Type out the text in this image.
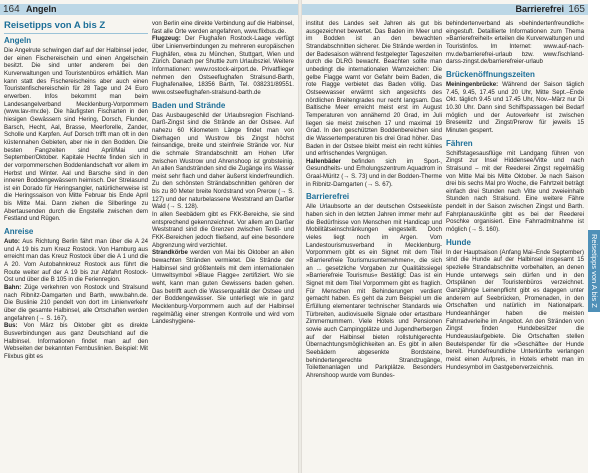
164 Angeln
Reisetipps von A bis Z
Angeln

Die Angelrute schwingen darf auf der Halbinsel jeder, der einen Fischereischein und einen Angelschein besitzt. Die sind unter anderem bei den Kurverwaltungen und Touristenbüros erhältlich. Man kann statt des Fischereischeins aber auch einen Touristenfischereischein für 28 Tage und 24 Euro erwerben. Infos bekommt man beim Landesangelverband Mecklenburg-Vorpommern (www.lav-mv.de). Die häufigsten Fischarten in den hiesigen Gewässern sind Hering, Dorsch, Flunder, Barsch, Hecht, Aal, Brasse, Meerforelle, Zander, Scholle und Karpfen. Auf Dorsch trifft man oft in den küstennahen Gebieten, aber nie in den Bodden. Die besten Fangzeiten sind April/Mai und September/Oktober. Kapitale Hechte finden sich in der vorpommerschen Boddenlandschaft vor allem im Herbst und Winter. Aal und Barsche sind in den inneren Boddengewässern heimisch. Der Strelasund ist ein Dorado für Heringsangler, natürlicherweise ist die Heringssaison von Mitte Februar bis Ende April bis Mitte Mai. Dann ziehen die Silberlinge zu Abertausenden durch die Engstelle zwischen dem Festland und Rügen.

Anreise

Auto: Aus Richtung Berlin fährt man über die A 24 und A 19 bis zum Kreuz Rostock. Von Hamburg aus erreicht man das Kreuz Rostock über die A 1 und die A 20. Vom Autobahnkreuz Rostock aus führt die Route weiter auf der A 19 bis zur Abfahrt Rostock-Ost und über die B 105 in die Ferienregion.

Bahn: Züge verkehren von Rostock und Stralsund nach Ribnitz-Damgarten und Barth, www.bahn.de. Die Buslinie 210 pendelt von dort im Linienverkehr über die gesamte Halbinsel, alle Ortschaften werden angefahren (→ S. 167).

Bus: Von März bis Oktober gibt es direkte Busverbindungen aus ganz Deutschland auf die Halbinsel. Informationen findet man auf den Webseiten der bekannten Fernbuslinien. Beispiel: Mit Flixbus gibt es

von Berlin eine direkte Verbindung auf die Halbinsel, fast alle Orte werden angefahren, www.flixbus.de.

Flugzeug: Der Flughafen Rostock-Laage verfügt über Linienverbindungen zu mehreren europäischen Flughäfen, etwa zu München, Stuttgart, Wien und Zürich. Danach per Shuttle zum Urlaubsziel. Weitere Informationen: www.rostock-airport.de. Privatflieger nehmen den Ostseeflughafen Stralsund-Barth, Flughafenallee, 18356 Barth, Tel. 038231/89551. www.ostseeflughafen-stralsund-barth.de

Baden und Strände

Das Ausbaugeschild der Urlaubsregion Fischland-Darß-Zingst sind die Strände an der Ostsee. Auf nahezu 60 Kilometern Länge findet man von Dierhagen und Wustrow bis Zingst höchst feinsandige, breite und steinfreie Strände vor. Nur die schmale Strandabschnitt am Hohen Ufer zwischen Wustrow und Ahrenshoop ist grobsteinig. An allen Sandstränden sind die Zugänge ins Wasser meist sehr flach und daher äußerst kinderfreundlich. Zu den schönsten Strändabschnitten gehören der bis zu 80 Meter breite Nordstrand von Prerow (→ S. 127) und der naturbelassene Weststrand am Darßer Wald (→ S. 128).

In allen Seebädern gibt es FKK-Bereiche, sie sind entsprechend gekennzeichnet. Vor allem am Darßer Weststrand sind die Grenzen zwischen Textil- und FKK-Bereichen jedoch fließend, auf eine besondere Abgrenzung wird verzichtet.

Strandkörbe werden von Mai bis Oktober an allen bewachten Stränden vermietet. Die Strände der Halbinsel sind größtenteils mit dem internationalen Umweltsymbol »Blaue Flagge« zertifiziert. Wo sie weht, kann man guten Gewissens baden gehen. Das betrifft auch die Wasserqualität der Ostsee und der Boddengewässer. Sie unterliegt wie in ganz Mecklenburg-Vorpommern auch auf der Halbinsel regelmäßig einer strengen Kontrolle und wird vom Landeshygiene-

Barrierefrei 165

institut des Landes seit Jahren als gut bis ausgezeichnet bewertet. Das Baden im Meer und im Bodden ist an den bewachten Strandabschnitten sicherer. Die Strände werden in der Badesaison während festgelegter Tageszeiten durch die DLRG bewacht. Beachten sollte man unbedingt die internationalen Warnzeichen: Die gelbe Flagge warnt vor Gefahr beim Baden, die rote Flagge verbietet das Baden völlig. Das Ostseewasser erwärmt sich angesichts des nördlichen Breitengrades nur recht langsam. Das Baltische Meer erreicht meist erst im August Temperaturen von annähernd 20 Grad, im Juli liegen sie meist zwischen 17 und maximal 19 Grad. In den geschützten Boddenbereichen sind die Wassertemperaturen bis drei Grad höher. Das Baden in der Ostsee bleibt meist ein recht kühles und erfrischendes Vergnügen.

Hallenbäder befinden sich im Sport-, Gesundheits- und Erholungszentrum Aquadrom in Graal-Müritz (→ S. 73) und in der Bodden-Therme in Ribnitz-Damgarten (→ S. 67).

Barrierefrei

Alle Urlaubsorte an der deutschen Ostseeküste haben sich in den letzten Jahren immer mehr auf die Bedürfnisse von Menschen mit Handicap und Mobilitätseinschränkungen eingestellt. Doch vieles liegt noch im Argen. Vom Landestourismusverband in Mecklenburg-Vorpommern gibt es ein Signet mit dem Titel »Barrierefreie Tourismusunternehmen«, die sich an ... gesetzliche Vorgaben zur Qualitätssiegel »Barrierefreie Tourismus« Bestätigt: Das ist ein Signet mit dem Titel Vorpommern gibt es fraglich. Für Menschen mit Behinderungen verdient gemacht haben. Es geht da zum Beispiel um die Erfüllung elementarer technischer Standards wie Türbreiten, audiovisuelle Signale oder ertastbare Zimmernummern. Viele Hotels und Pensionen sowie auch Campingplätze und Jugendherbergen auf der Halbinsel bieten rollstuhlgerechte Übernachtungsmöglichkeiten an. Es gibt in allen Seebädern abgesenkte Bordsteine, behindertengerechte Strandzugänge, Toilettenanlagen und Parkplätze. Besonders Ahrenshoop wurde vom Bundes-

behindertenverband als »behindertenfreundlich« eingestuft. Detaillierte Informationen zum Thema »Barrierefreiheit« erteilen die Kurverwaltungen und Touristinfos. Im Internet: www.auf-nach-mv.de/barrierefrei-urlaub bzw. www.fischland-darss-zingst.de/barrierefreier-urlaub

Brückenöffnungszeiten

Meiningenbrücke: Während der Saison täglich 7.45, 9.45, 17.45 und 20 Uhr, Mitte Sept.–Ende Okt. täglich 9.45 und 17.45 Uhr, Nov.–März nur Di 10.30 Uhr. Dann sind Schiffspassagen bei Bedarf möglich und der Autoverkehr ist zwischen Bresewitz und Zingst/Prerow für jeweils 15 Minuten gesperrt.

Fähren

Schiffstagesausflüge mit Landgang führen von Zingst zur Insel Hiddensee/Vitte und nach Stralsund – mit der Reederei Zingst regelmäßig von Mitte Mai bis Mitte Oktober. Je nach Saison drei bis sechs Mal pro Woche, die Fahrtzeit beträgt einfach drei Stunden nach Vitte und zweieinhalb Stunden nach Stralsund. Eine weitere Fähre pendelt in der Saison zwischen Zingst und Barth. Fahrplanauskünfte gibt es bei der Reederei Poschke organisiert. Eine Fahrradmitnahme ist möglich (→ S. 160).

Hunde

In der Hauptsaison (Anfang Mai–Ende September) sind die Hunde auf der Halbinsel insgesamt 15 spezielle Strandabschnitte vorbehalten, an denen Hunde unterwegs sein dürfen und in den Ortsplänen der Touristenbüros verzeichnet. Ganzjährige Leinenpflicht gibt es dagegen unter anderem auf Seebrücken, Promenaden, in den Ortschaften und natürlich im Nationalpark. Hundeanhänger haben die meisten Fahrradverleihe im Angebot. An den Stränden von Zingst finden Hundebesitzer die Hundeauslaufgebiete. Die Ortschaften stellen Beutelspender für die »Geschäfte« der Hunde bereit. Hundefreundliche Unterkünfte verlangen meist einen Aufpreis, in Hotels erhebt man im Hundesymbol im Gastgeberverzeichnis.

Reisetipps von A bis Z
